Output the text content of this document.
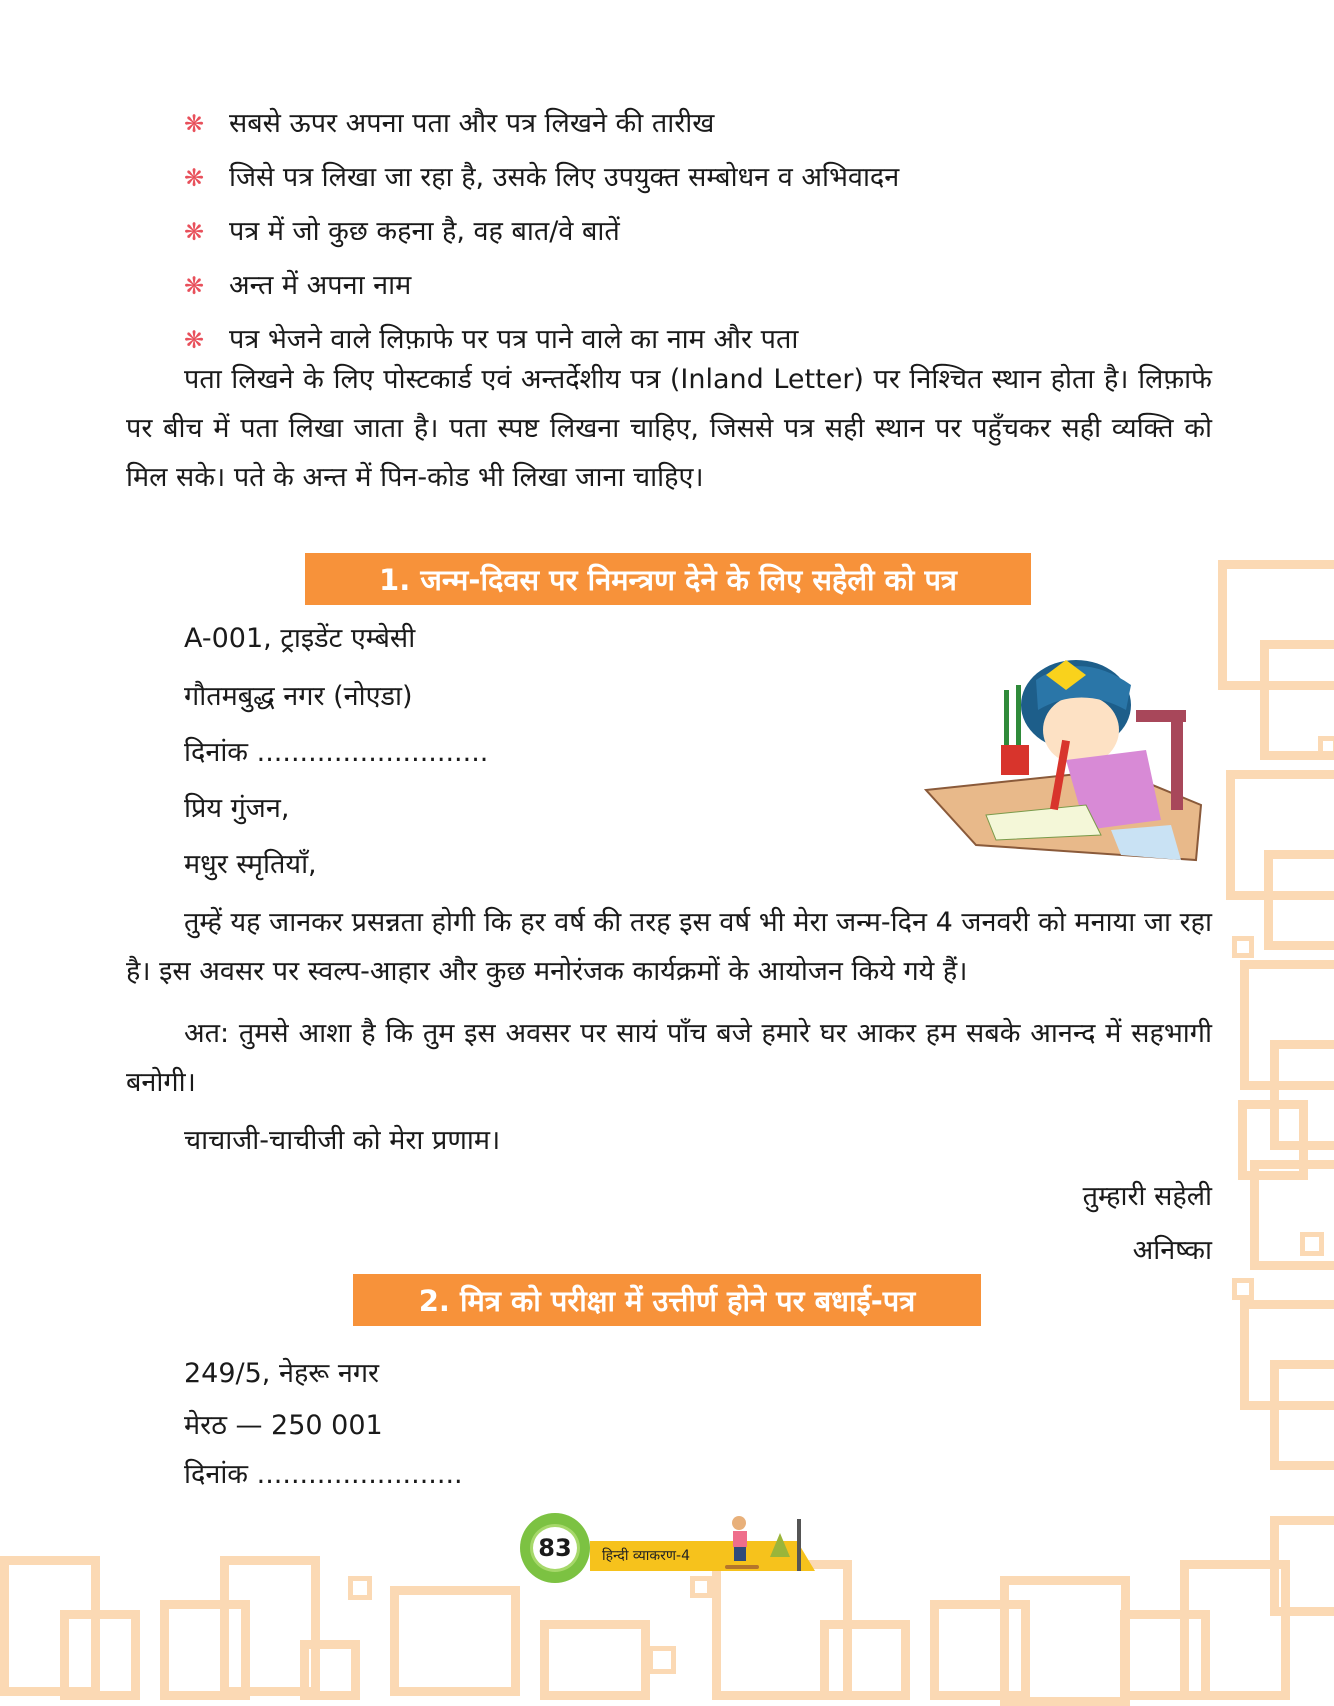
❋ सबसे ऊपर अपना पता और पत्र लिखने की तारीख
❋ जिसे पत्र लिखा जा रहा है, उसके लिए उपयुक्त सम्बोधन व अभिवादन
❋ पत्र में जो कुछ कहना है, वह बात/वे बातें
❋ अन्त में अपना नाम
❋ पत्र भेजने वाले लिफ़ाफे पर पत्र पाने वाले का नाम और पता

पता लिखने के लिए पोस्टकार्ड एवं अन्तर्देशीय पत्र (Inland Letter) पर निश्चित स्थान होता है। लिफ़ाफे पर बीच में पता लिखा जाता है। पता स्पष्ट लिखना चाहिए, जिससे पत्र सही स्थान पर पहुँचकर सही व्यक्ति को मिल सके। पते के अन्त में पिन-कोड भी लिखा जाना चाहिए।

1. जन्म-दिवस पर निमन्त्रण देने के लिए सहेली को पत्र
A-001, ट्राइडेंट एम्बेसी
गौतमबुद्ध नगर (नोएडा)
दिनांक ...........................
प्रिय गुंजन,
मधुर स्मृतियाँ,

तुम्हें यह जानकर प्रसन्नता होगी कि हर वर्ष की तरह इस वर्ष भी मेरा जन्म-दिन 4 जनवरी को मनाया जा रहा है। इस अवसर पर स्वल्प-आहार और कुछ मनोरंजक कार्यक्रमों के आयोजन किये गये हैं।

अत: तुमसे आशा है कि तुम इस अवसर पर सायं पाँच बजे हमारे घर आकर हम सबके आनन्द में सहभागी बनोगी।

चाचाजी-चाचीजी को मेरा प्रणाम।
तुम्हारी सहेली
अनिष्का
2. मित्र को परीक्षा में उत्तीर्ण होने पर बधाई-पत्र
249/5, नेहरू नगर
मेरठ — 250 001
दिनांक ........................
83	हिन्दी व्याकरण-4
